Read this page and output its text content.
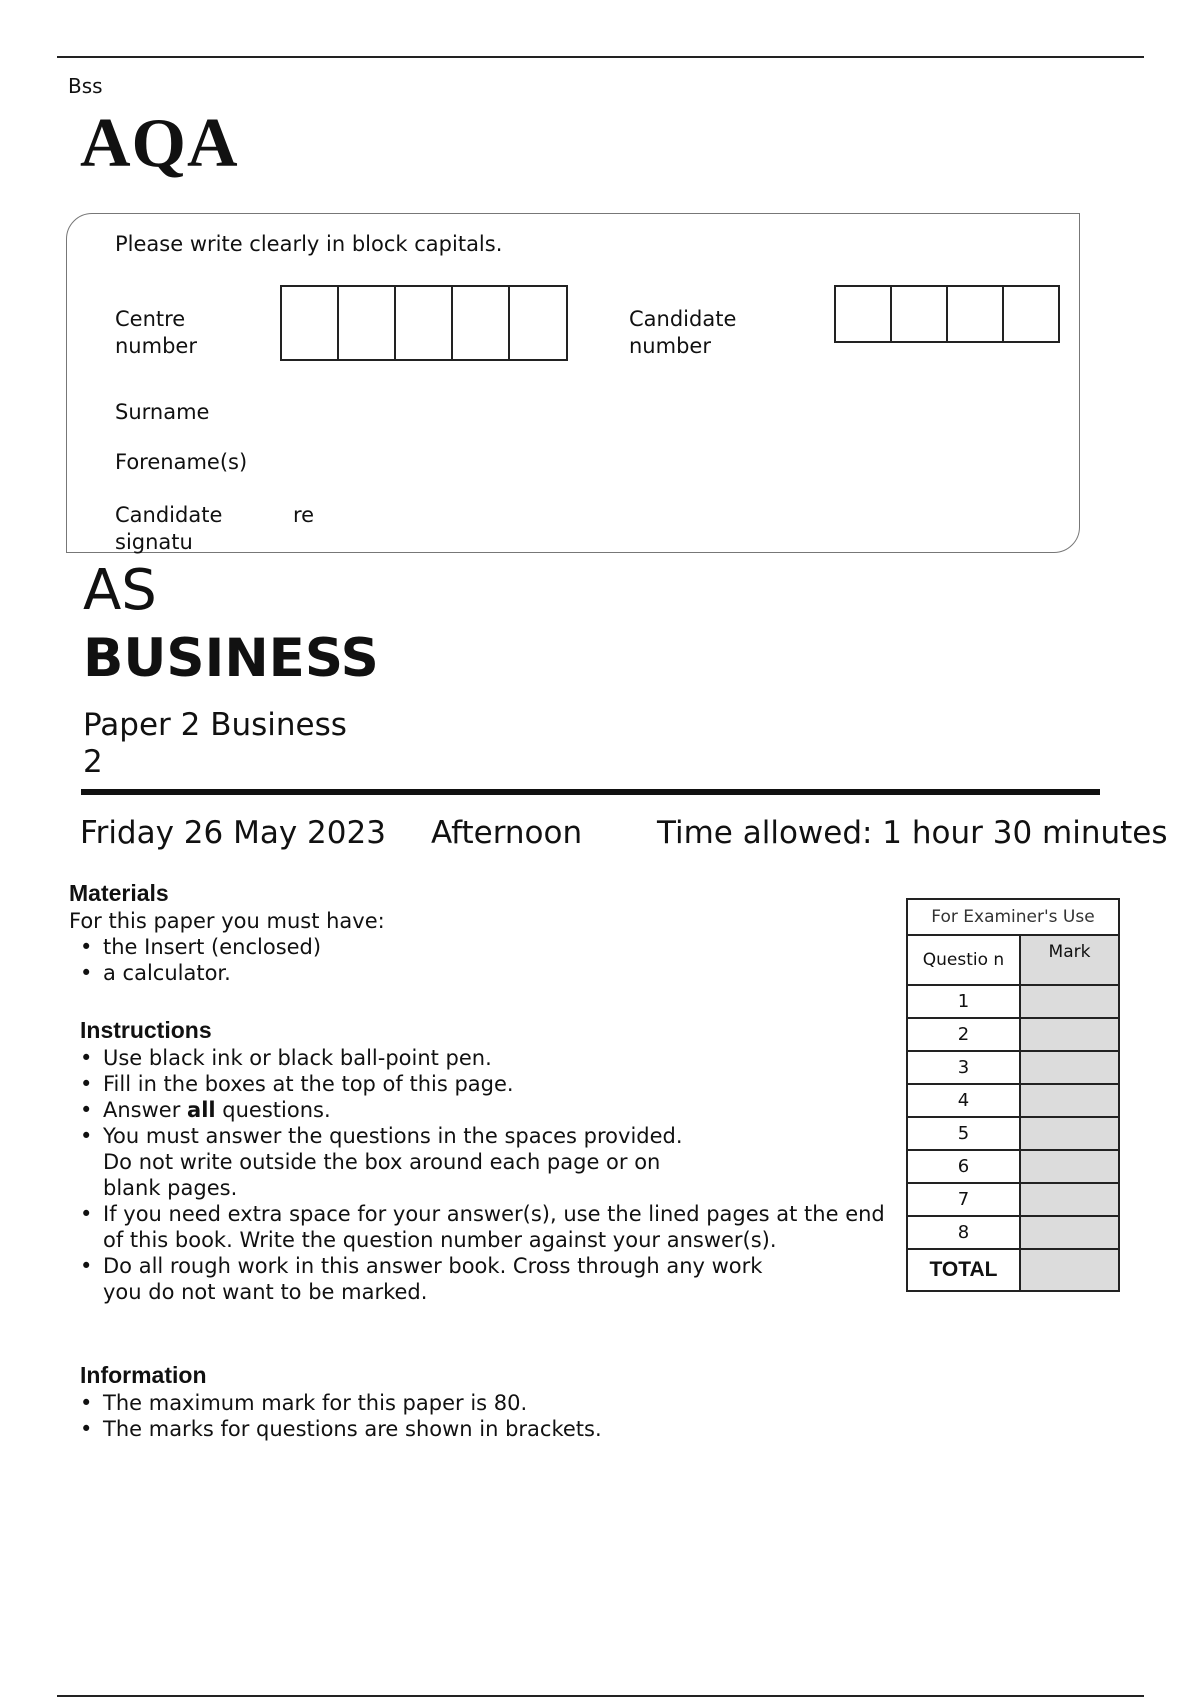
Bss
AQA
Please write clearly in block capitals.
Centre
number
Candidate
number
Surname
Forename(s)
Candidate
signatu
re
AS
BUSINESS
Paper 2 Business
2
Friday 26 May 2023 Afternoon Time allowed: 1 hour 30 minutes
Materials
For this paper you must have:
• the Insert (enclosed)
• a calculator.
Instructions
• Use black ink or black ball-point pen.
• Fill in the boxes at the top of this page.
• Answer all questions.
• You must answer the questions in the spaces provided. Do not write outside the box around each page or on blank pages.
• If you need extra space for your answer(s), use the lined pages at the end of this book. Write the question number against your answer(s).
• Do all rough work in this answer book. Cross through any work you do not want to be marked.
Information
• The maximum mark for this paper is 80.
• The marks for questions are shown in brackets.
For Examiner's Use	
Questio n	Mark
1	
2	
3	
4	
5	
6	
7	
8	
TOTAL	
